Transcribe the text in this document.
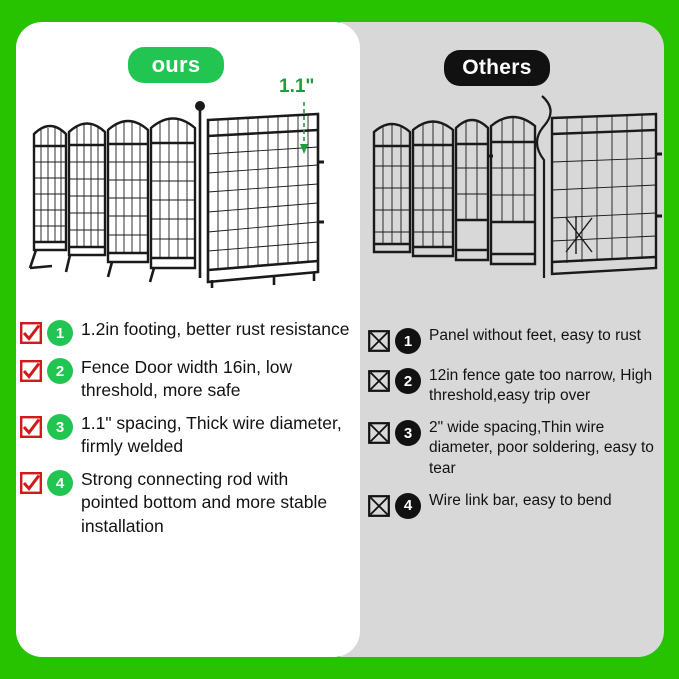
ours	Others
1.1"
1 1.2in footing, better rust resistance
2 Fence Door width 16in, low threshold, more safe
3 1.1" spacing, Thick wire diameter, firmly welded
4 Strong connecting rod with pointed bottom and more stable installation
1	Panel without feet, easy to rust
2	12in fence gate too narrow, High threshold,easy trip over
3	2" wide spacing,Thin wire diameter, poor soldering, easy to tear
4	Wire link bar, easy to bend
